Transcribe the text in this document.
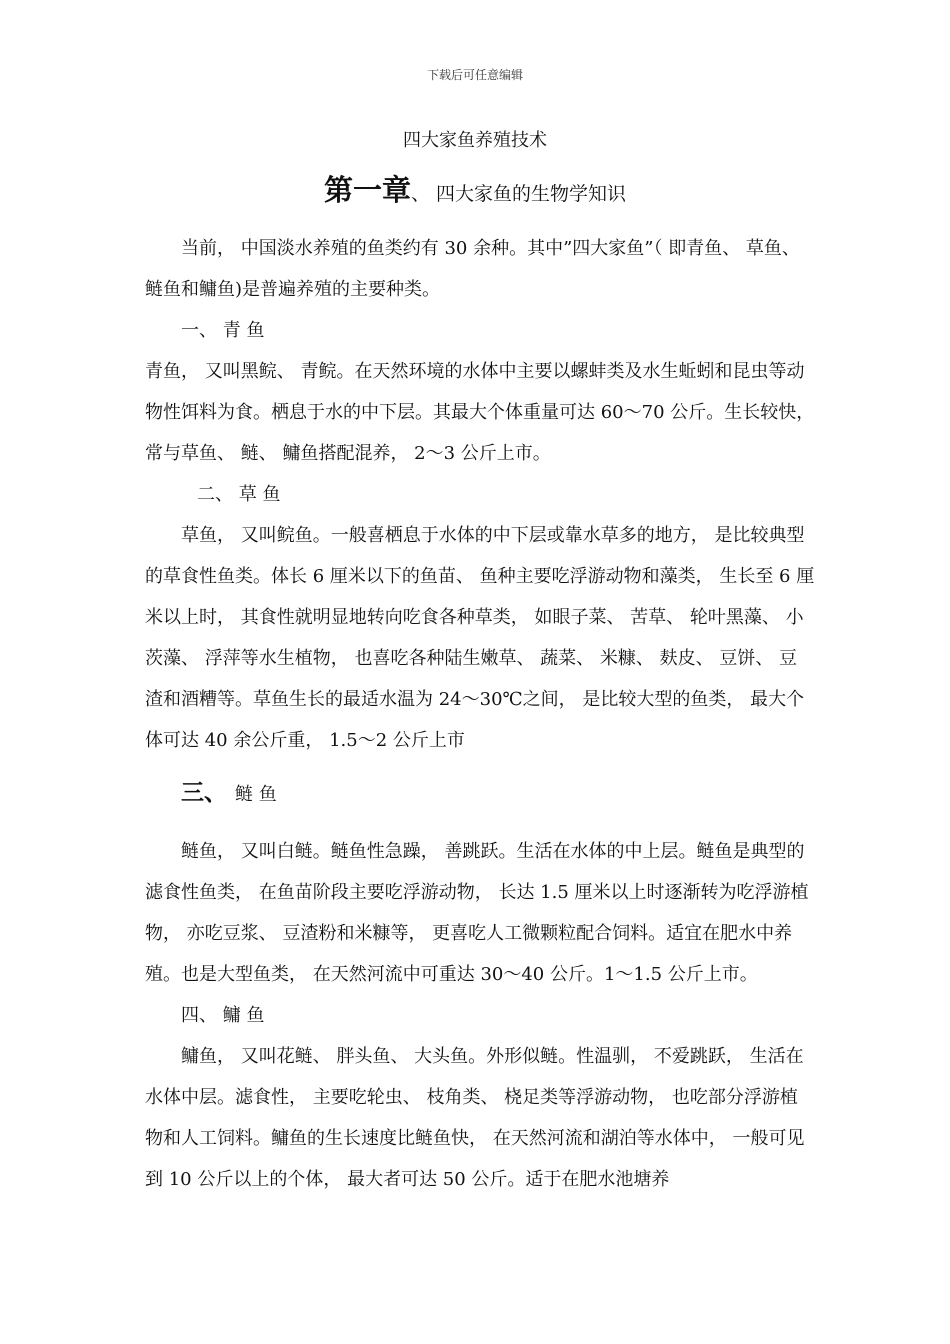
下载后可任意编辑
四大家鱼养殖技术
第一章、 四大家鱼的生物学知识

当前， 中国淡水养殖的鱼类约有 30 余种。其中”四大家鱼”（ 即青鱼、 草鱼、 鲢鱼和鳙鱼)是普遍养殖的主要种类。

一、 青 鱼

青鱼， 又叫黑鲩、 青鲩。在天然环境的水体中主要以螺蚌类及水生蚯蚓和昆虫等动物性饵料为食。栖息于水的中下层。其最大个体重量可达 60～70 公斤。生长较快， 常与草鱼、 鲢、 鳙鱼搭配混养， 2～3 公斤上市。

二、 草 鱼

草鱼， 又叫鲩鱼。一般喜栖息于水体的中下层或靠水草多的地方， 是比较典型的草食性鱼类。体长 6 厘米以下的鱼苗、 鱼种主要吃浮游动物和藻类， 生长至 6 厘米以上时， 其食性就明显地转向吃食各种草类， 如眼子菜、 苦草、 轮叶黑藻、 小茨藻、 浮萍等水生植物， 也喜吃各种陆生嫩草、 蔬菜、 米糠、 麸皮、 豆饼、 豆渣和酒糟等。草鱼生长的最适水温为 24～30℃之间， 是比较大型的鱼类， 最大个体可达 40 余公斤重， 1.5～2 公斤上市

三、 鲢 鱼

鲢鱼， 又叫白鲢。鲢鱼性急躁， 善跳跃。生活在水体的中上层。鲢鱼是典型的滤食性鱼类， 在鱼苗阶段主要吃浮游动物， 长达 1.5 厘米以上时逐渐转为吃浮游植物， 亦吃豆浆、 豆渣粉和米糠等， 更喜吃人工微颗粒配合饲料。适宜在肥水中养殖。也是大型鱼类， 在天然河流中可重达 30～40 公斤。1～1.5 公斤上市。

四、 鳙 鱼

鳙鱼， 又叫花鲢、 胖头鱼、 大头鱼。外形似鲢。性温驯， 不爱跳跃， 生活在水体中层。滤食性， 主要吃轮虫、 枝角类、 桡足类等浮游动物， 也吃部分浮游植物和人工饲料。鳙鱼的生长速度比鲢鱼快， 在天然河流和湖泊等水体中， 一般可见到 10 公斤以上的个体， 最大者可达 50 公斤。适于在肥水池塘养
